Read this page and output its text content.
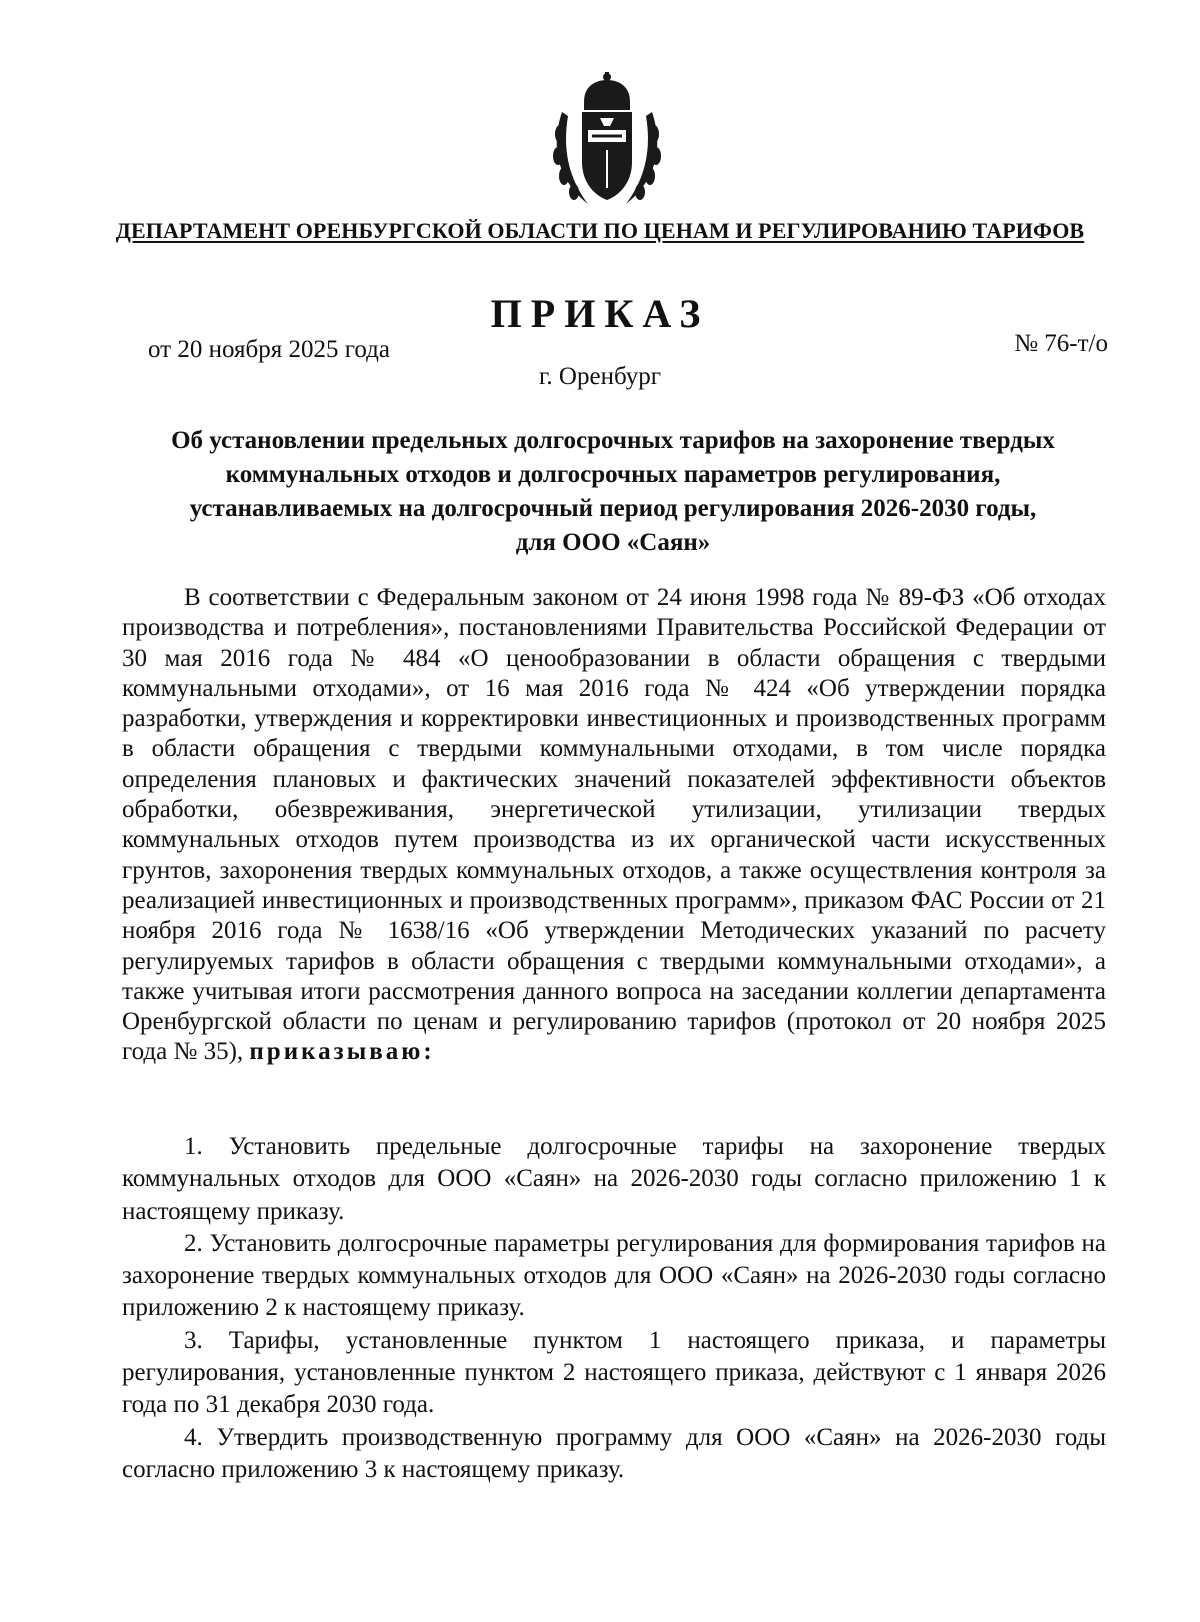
ДЕПАРТАМЕНТ ОРЕНБУРГСКОЙ ОБЛАСТИ ПО ЦЕНАМ И РЕГУЛИРОВАНИЮ ТАРИФОВ
ПРИКАЗ
от 20 ноября 2025 года	№ 76-т/о
г. Оренбург
Об установлении предельных долгосрочных тарифов на захоронение твердых
коммунальных отходов и долгосрочных параметров регулирования,
устанавливаемых на долгосрочный период регулирования 2026-2030 годы,
для ООО «Саян»

В соответствии с Федеральным законом от 24 июня 1998 года № 89-ФЗ «Об отходах производства и потребления», постановлениями Правительства Российской Федерации от 30 мая 2016 года № 484 «О ценообразовании в области обращения с твердыми коммунальными отходами», от 16 мая 2016 года № 424 «Об утверждении порядка разработки, утверждения и корректировки инвестиционных и производственных программ в области обращения с твердыми коммунальными отходами, в том числе порядка определения плановых и фактических значений показателей эффективности объектов обработки, обезвреживания, энергетической утилизации, утилизации твердых коммунальных отходов путем производства из их органической части искусственных грунтов, захоронения твердых коммунальных отходов, а также осуществления контроля за реализацией инвестиционных и производственных программ», приказом ФАС России от 21 ноября 2016 года № 1638/16 «Об утверждении Методических указаний по расчету регулируемых тарифов в области обращения с твердыми коммунальными отходами», а также учитывая итоги рассмотрения данного вопроса на заседании коллегии департамента Оренбургской области по ценам и регулированию тарифов (протокол от 20 ноября 2025 года № 35), приказываю:

1. Установить предельные долгосрочные тарифы на захоронение твердых коммунальных отходов для ООО «Саян» на 2026-2030 годы согласно приложению 1 к настоящему приказу.

2. Установить долгосрочные параметры регулирования для формирования тарифов на захоронение твердых коммунальных отходов для ООО «Саян» на 2026-2030 годы согласно приложению 2 к настоящему приказу.

3. Тарифы, установленные пунктом 1 настоящего приказа, и параметры регулирования, установленные пунктом 2 настоящего приказа, действуют с 1 января 2026 года по 31 декабря 2030 года.

4. Утвердить производственную программу для ООО «Саян» на 2026-2030 годы согласно приложению 3 к настоящему приказу.
